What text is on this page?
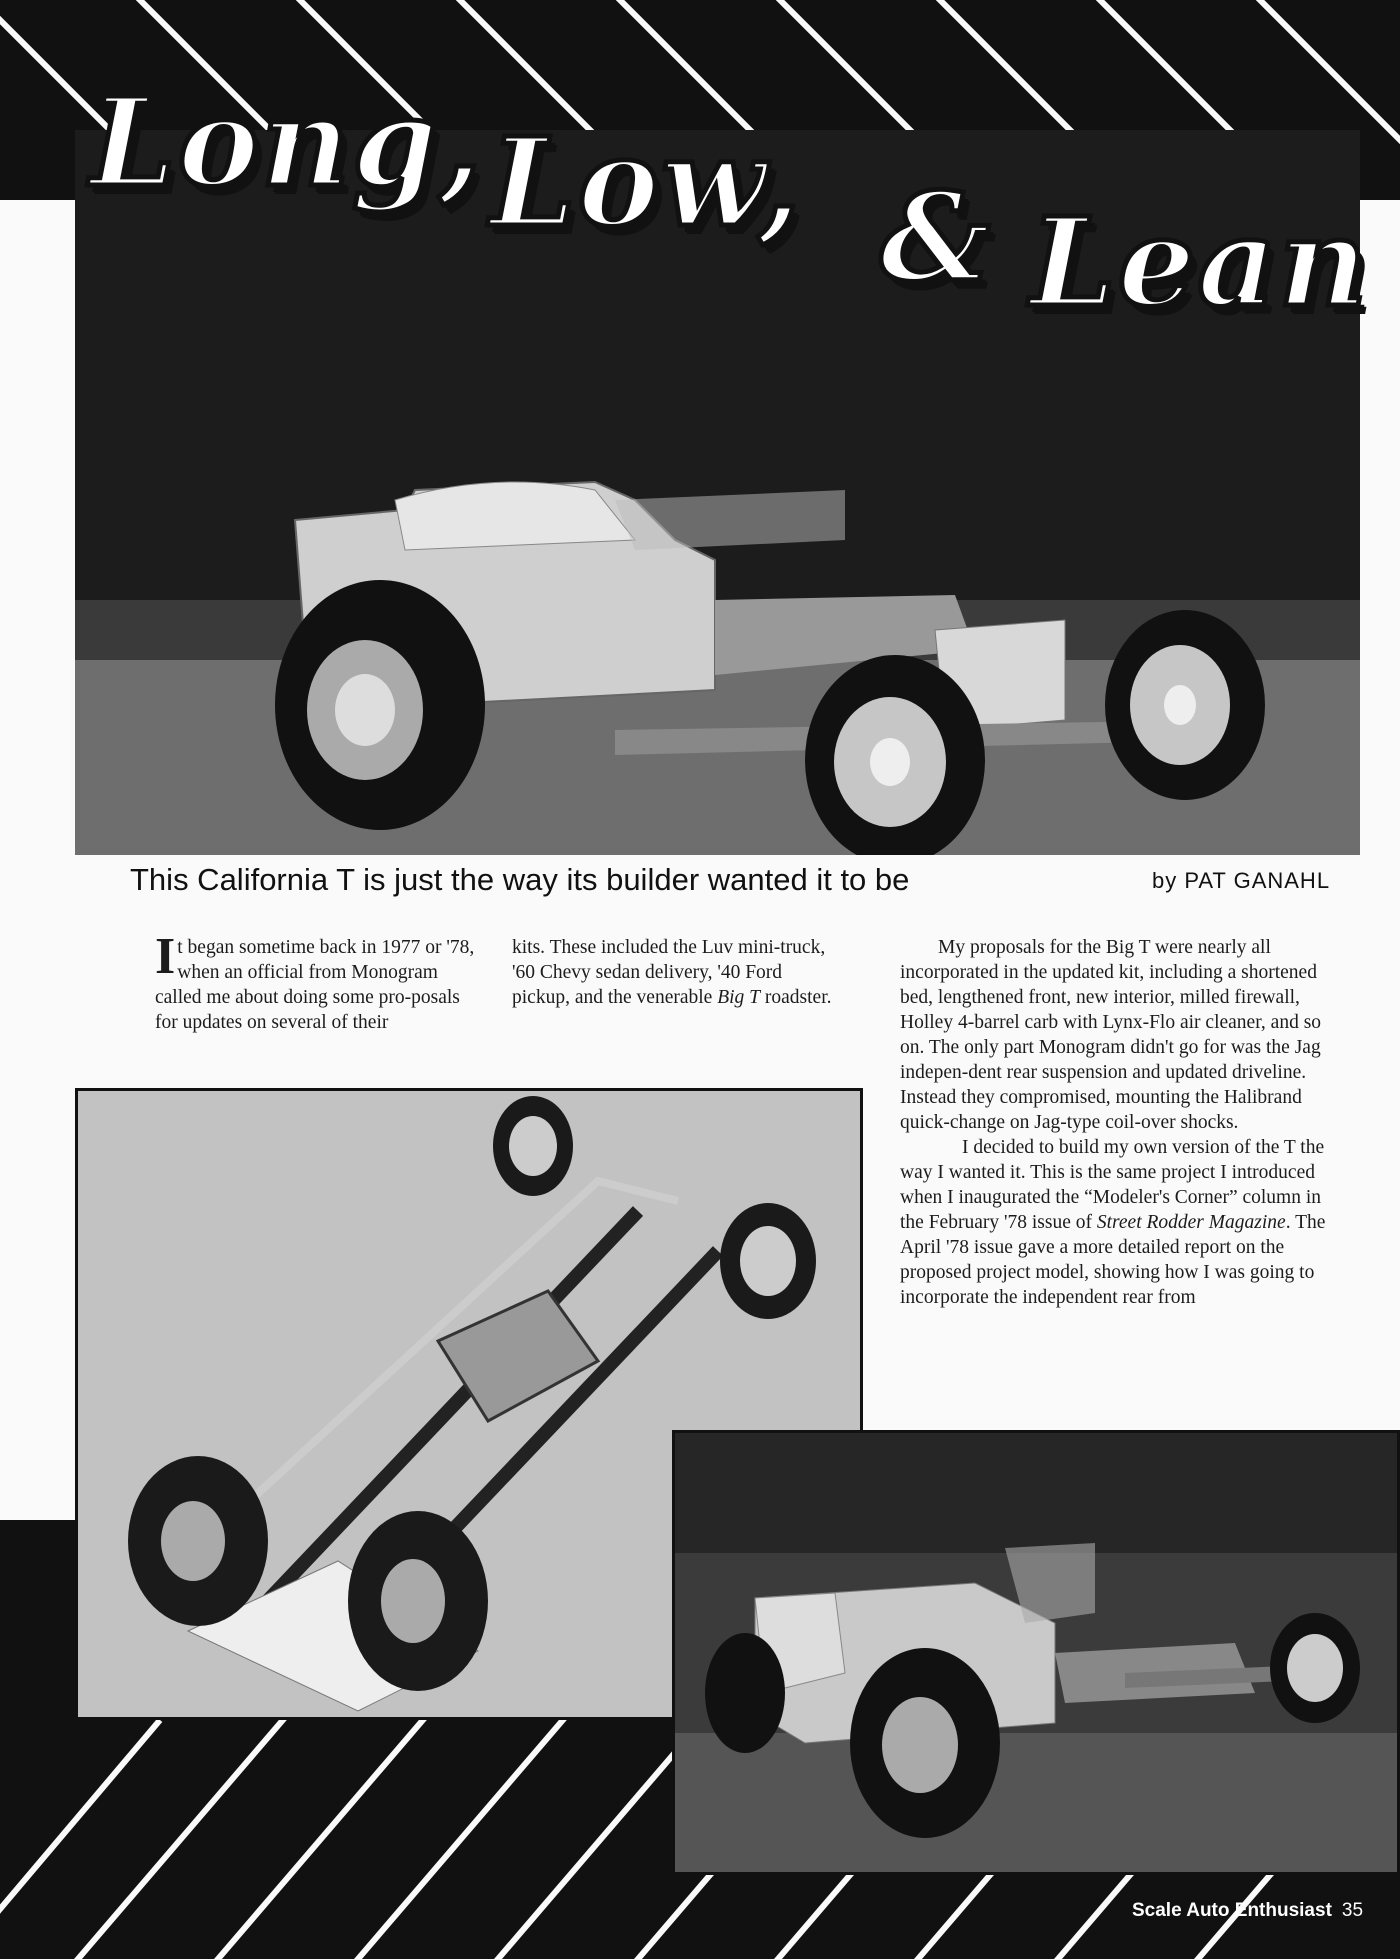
Long, Low, & Lean
This California T is just the way its builder wanted it to be	by PAT GANAHL

It began sometime back in 1977 or '78, when an official from Monogram called me about doing some pro-posals for updates on several of their

kits. These included the Luv mini-truck, '60 Chevy sedan delivery, '40 Ford pickup, and the venerable Big T roadster.

My proposals for the Big T were nearly all incorporated in the updated kit, including a shortened bed, lengthened front, new interior, milled firewall, Holley 4-barrel carb with Lynx-Flo air cleaner, and so on. The only part Monogram didn't go for was the Jag indepen-dent rear suspension and updated driveline. Instead they compromised, mounting the Halibrand quick-change on Jag-type coil-over shocks.

I decided to build my own version of the T the way I wanted it. This is the same project I introduced when I inaugurated the “Modeler's Corner” column in the February '78 issue of Street Rodder Magazine. The April '78 issue gave a more detailed report on the proposed project model, showing how I was going to incorporate the independent rear from

Scale Auto Enthusiast 35
